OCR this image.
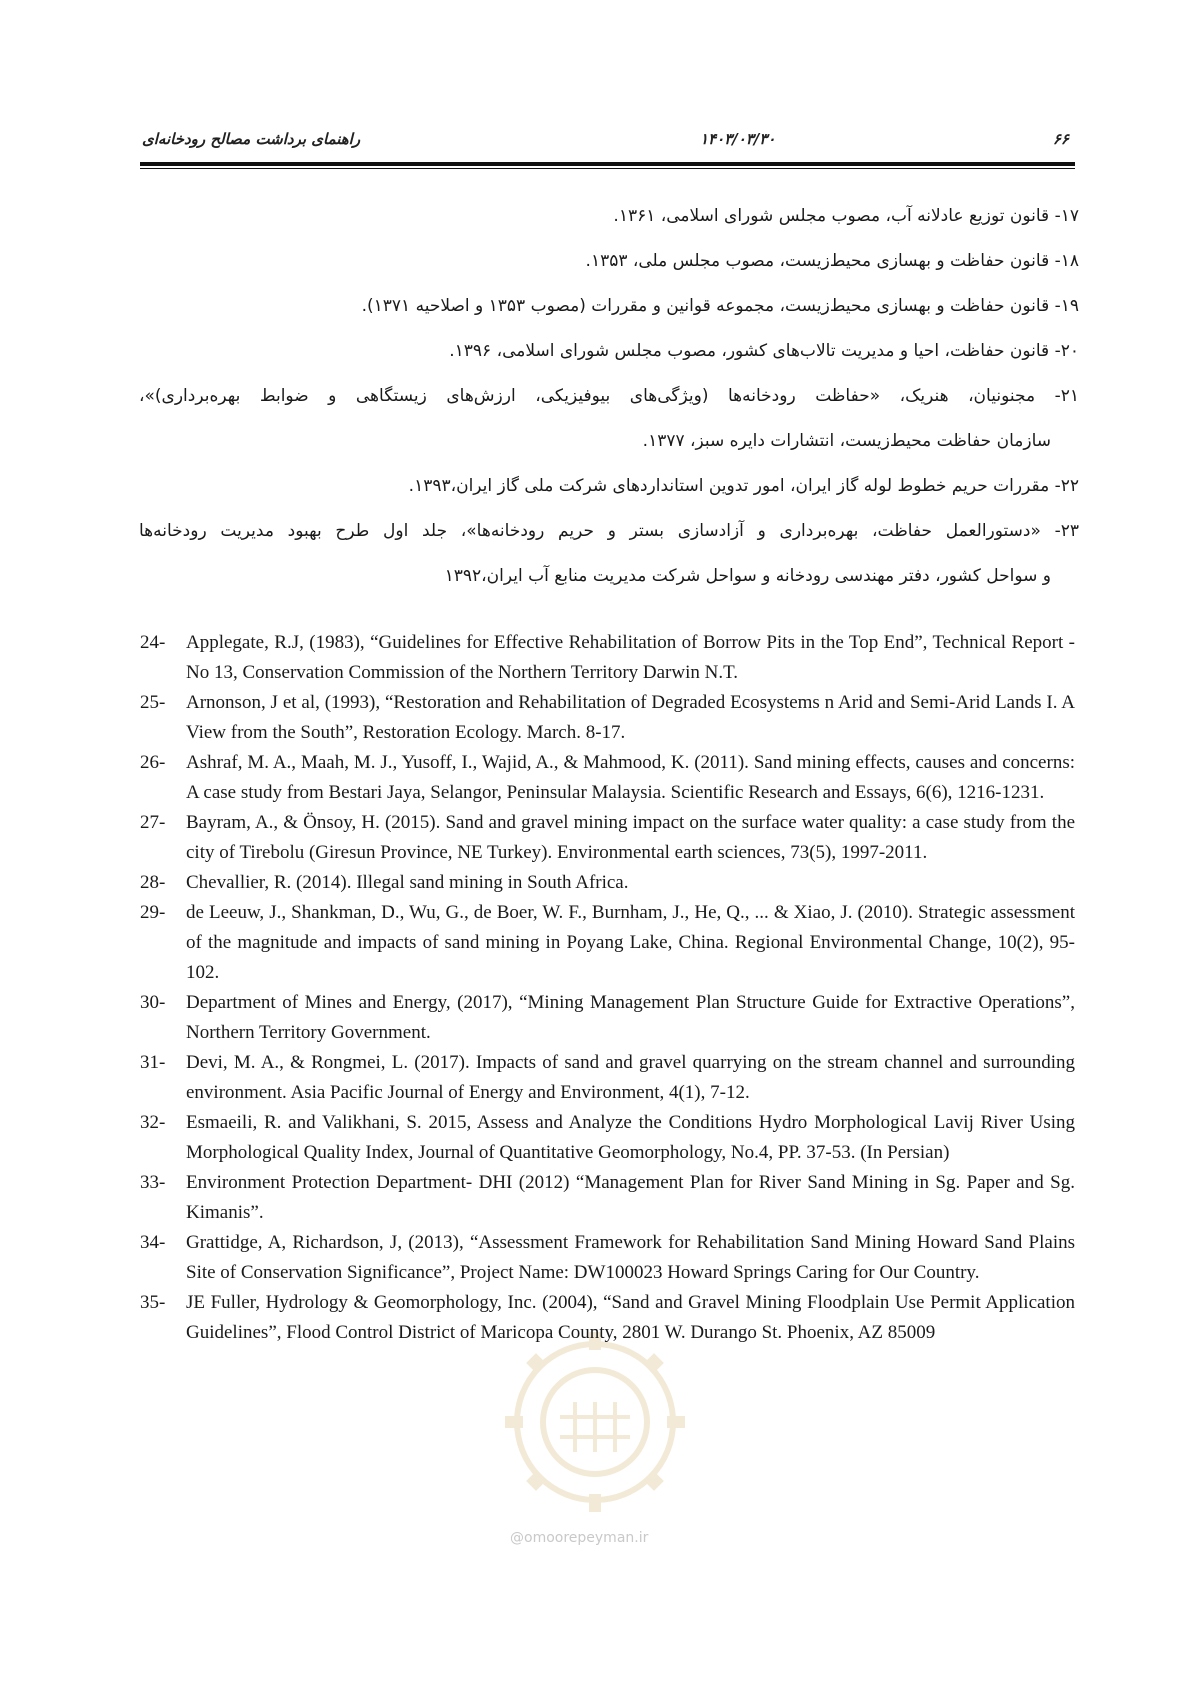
راهنمای برداشت مصالح رودخانه‌ای	۱۴۰۳/۰۳/۳۰	۶۶
۱۷- قانون توزیع عادلانه آب، مصوب مجلس شورای اسلامی، ۱۳۶۱.
۱۸- قانون حفاظت و بهسازی محیط‌زیست، مصوب مجلس ملی، ۱۳۵۳.
۱۹- قانون حفاظت و بهسازی محیط‌زیست، مجموعه قوانین و مقررات (مصوب ۱۳۵۳ و اصلاحیه ۱۳۷۱).
۲۰- قانون حفاظت، احیا و مدیریت تالاب‌های کشور، مصوب مجلس شورای اسلامی، ۱۳۹۶.
۲۱- مجنونیان، هنریک، «حفاظت رودخانه‌ها (ویژگی‌های بیوفیزیکی، ارزش‌های زیستگاهی و ضوابط بهره‌برداری)»،
سازمان حفاظت محیط‌زیست، انتشارات دایره سبز، ۱۳۷۷.
۲۲- مقررات حریم خطوط لوله گاز ایران، امور تدوین استانداردهای شرکت ملی گاز ایران،۱۳۹۳.
۲۳- «دستورالعمل حفاظت، بهره‌برداری و آزادسازی بستر و حریم رودخانه‌ها»، جلد اول طرح بهبود مدیریت رودخانه‌ها
و سواحل کشور، دفتر مهندسی رودخانه و سواحل شرکت مدیریت منابع آب ایران،۱۳۹۲
24-	Applegate, R.J, (1983), “Guidelines for Effective Rehabilitation of Borrow Pits in the Top End”, Technical Report - No 13, Conservation Commission of the Northern Territory Darwin N.T.
25-	Arnonson, J et al, (1993), “Restoration and Rehabilitation of Degraded Ecosystems n Arid and Semi-Arid Lands I. A View from the South”, Restoration Ecology. March. 8-17.
26-	Ashraf, M. A., Maah, M. J., Yusoff, I., Wajid, A., & Mahmood, K. (2011). Sand mining effects, causes and concerns: A case study from Bestari Jaya, Selangor, Peninsular Malaysia. Scientific Research and Essays, 6(6), 1216-1231.
27-	Bayram, A., & Önsoy, H. (2015). Sand and gravel mining impact on the surface water quality: a case study from the city of Tirebolu (Giresun Province, NE Turkey). Environmental earth sciences, 73(5), 1997-2011.
28-	Chevallier, R. (2014). Illegal sand mining in South Africa.
29-	de Leeuw, J., Shankman, D., Wu, G., de Boer, W. F., Burnham, J., He, Q., ... & Xiao, J. (2010). Strategic assessment of the magnitude and impacts of sand mining in Poyang Lake, China. Regional Environmental Change, 10(2), 95-102.
30-	Department of Mines and Energy, (2017), “Mining Management Plan Structure Guide for Extractive Operations”, Northern Territory Government.
31-	Devi, M. A., & Rongmei, L. (2017). Impacts of sand and gravel quarrying on the stream channel and surrounding environment. Asia Pacific Journal of Energy and Environment, 4(1), 7-12.
32-	Esmaeili, R. and Valikhani, S. 2015, Assess and Analyze the Conditions Hydro Morphological Lavij River Using Morphological Quality Index, Journal of Quantitative Geomorphology, No.4, PP. 37-53. (In Persian)
33-	Environment Protection Department- DHI (2012) “Management Plan for River Sand Mining in Sg. Paper and Sg. Kimanis”.
34-	Grattidge, A, Richardson, J, (2013), “Assessment Framework for Rehabilitation Sand Mining Howard Sand Plains Site of Conservation Significance”, Project Name: DW100023 Howard Springs Caring for Our Country.
35-	JE Fuller, Hydrology & Geomorphology, Inc. (2004), “Sand and Gravel Mining Floodplain Use Permit Application Guidelines”, Flood Control District of Maricopa County, 2801 W. Durango St. Phoenix, AZ 85009
@omoorepeyman.ir
